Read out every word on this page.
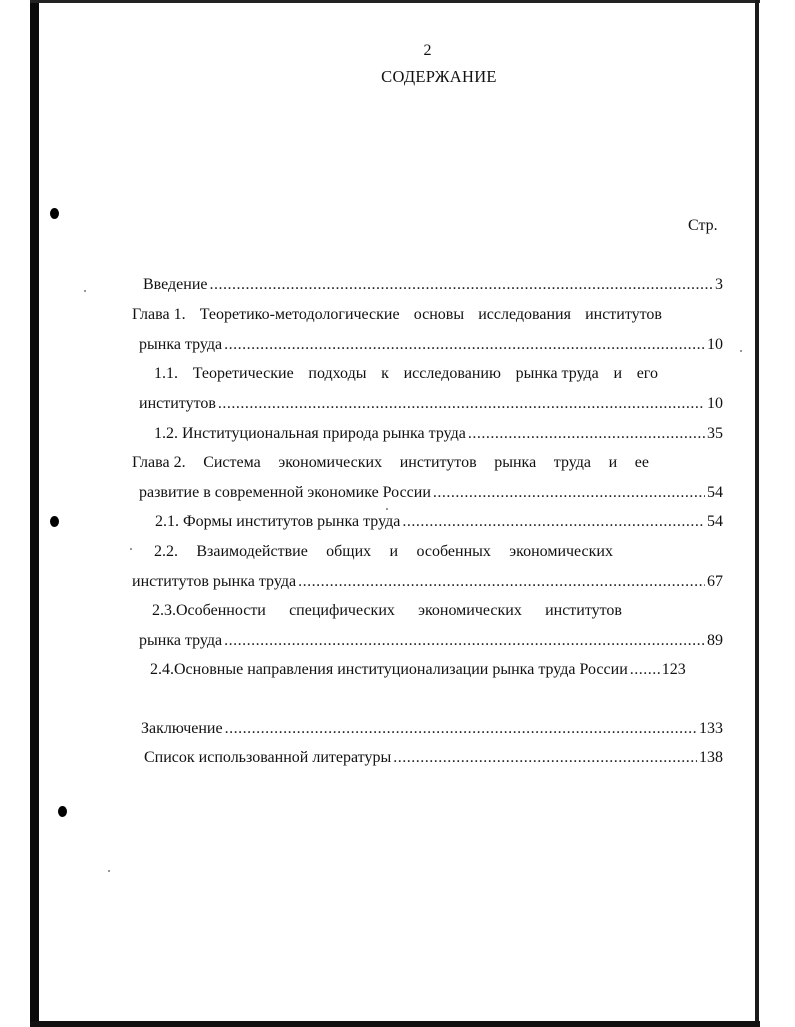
2
СОДЕРЖАНИЕ
Стр.
Введение .....	3
Глава 1. Теоретико-методологические основы исследования институтов
рынка труда .....	10
1.1. Теоретические подходы к исследованию рынка труда и его
институтов .....	10
1.2. Институциональная природа рынка труда .....	35
Глава 2. Система экономических институтов рынка труда и ее
развитие в современной экономике России .....	54
2.1. Формы институтов рынка труда .....	54
2.2. Взаимодействие общих и особенных экономических
институтов рынка труда .....	67
2.3.Особенности специфических экономических институтов
рынка труда .....	89
2.4.Основные направления институционализации рынка труда России ..... 123
Заключение .....	133
Список использованной литературы .....	138
